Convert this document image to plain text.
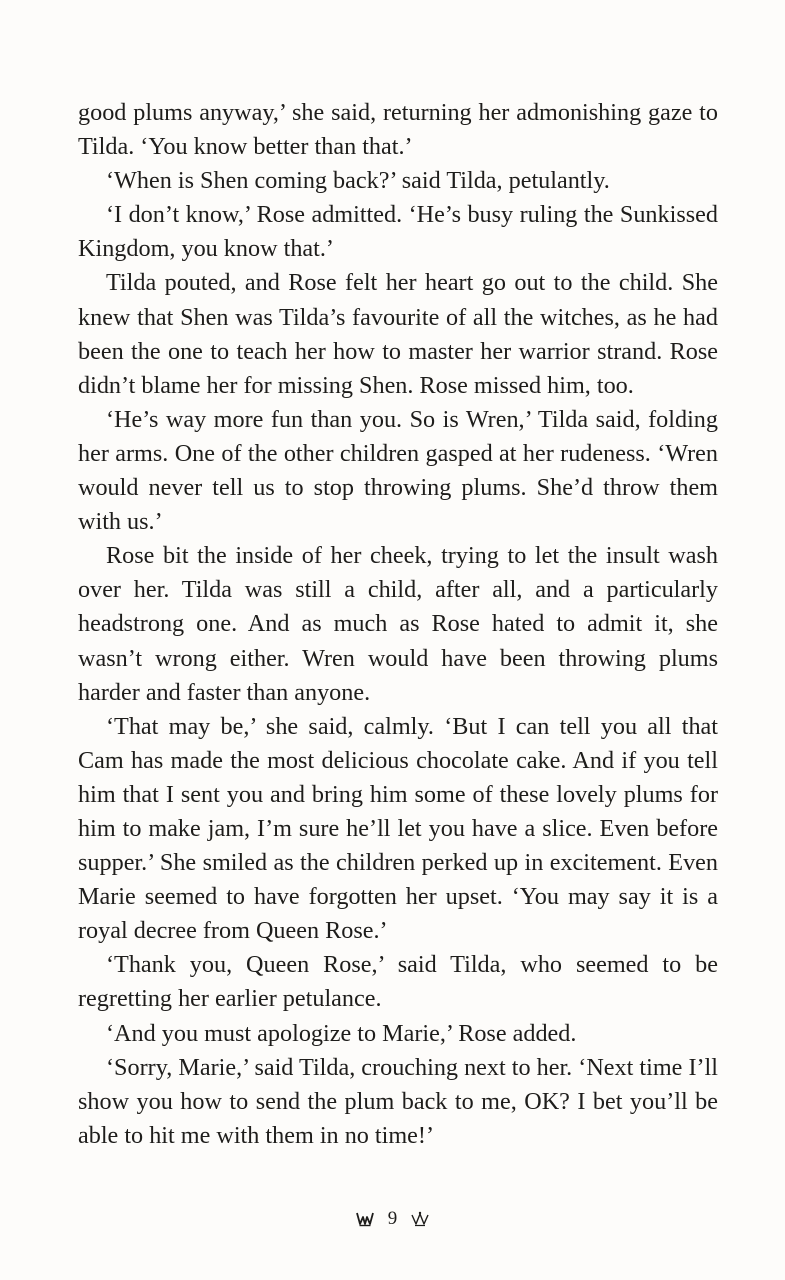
good plums anyway,’ she said, returning her admonishing gaze to Tilda. ‘You know better than that.’

‘When is Shen coming back?’ said Tilda, petulantly.

‘I don’t know,’ Rose admitted. ‘He’s busy ruling the Sunkissed Kingdom, you know that.’

Tilda pouted, and Rose felt her heart go out to the child. She knew that Shen was Tilda’s favourite of all the witches, as he had been the one to teach her how to master her warrior strand. Rose didn’t blame her for missing Shen. Rose missed him, too.

‘He’s way more fun than you. So is Wren,’ Tilda said, folding her arms. One of the other children gasped at her rudeness. ‘Wren would never tell us to stop throwing plums. She’d throw them with us.’

Rose bit the inside of her cheek, trying to let the insult wash over her. Tilda was still a child, after all, and a particularly headstrong one. And as much as Rose hated to admit it, she wasn’t wrong either. Wren would have been throwing plums harder and faster than anyone.

‘That may be,’ she said, calmly. ‘But I can tell you all that Cam has made the most delicious chocolate cake. And if you tell him that I sent you and bring him some of these lovely plums for him to make jam, I’m sure he’ll let you have a slice. Even before supper.’ She smiled as the children perked up in excitement. Even Marie seemed to have forgotten her upset. ‘You may say it is a royal decree from Queen Rose.’

‘Thank you, Queen Rose,’ said Tilda, who seemed to be regretting her earlier petulance.

‘And you must apologize to Marie,’ Rose added.

‘Sorry, Marie,’ said Tilda, crouching next to her. ‘Next time I’ll show you how to send the plum back to me, OK? I bet you’ll be able to hit me with them in no time!’

9
